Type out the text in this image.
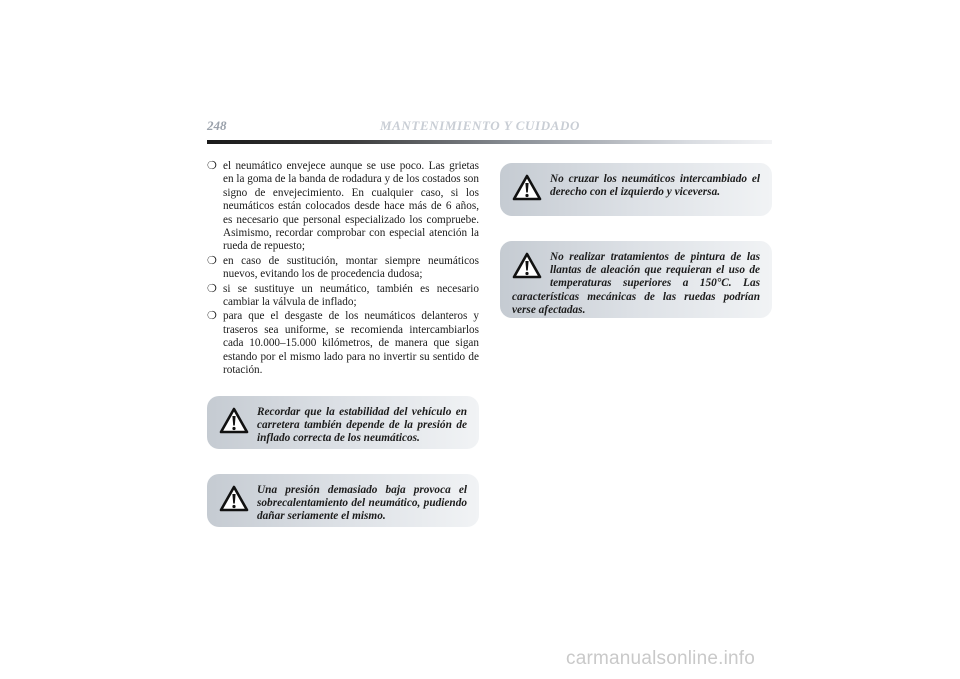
248	MANTENIMIENTO Y CUIDADO
❍ el neumático envejece aunque se use poco. Las grietas en la goma de la banda de rodadura y de los costados son signo de envejecimiento. En cualquier caso, si los neumáticos están colocados desde hace más de 6 años, es necesario que personal especializado los compruebe. Asimismo, recordar comprobar con especial atención la rueda de repuesto;
❍ en caso de sustitución, montar siempre neumáticos nuevos, evitando los de procedencia dudosa;
❍ si se sustituye un neumático, también es necesario cambiar la válvula de inflado;
❍ para que el desgaste de los neumáticos delanteros y traseros sea uniforme, se recomienda intercambiarlos cada 10.000–15.000 kilómetros, de manera que sigan estando por el mismo lado para no invertir su sentido de rotación.
Recordar que la estabilidad del vehículo en carretera también depende de la presión de inflado correcta de los neumáticos.
Una presión demasiado baja provoca el sobrecalentamiento del neumático, pudiendo dañar seriamente el mismo.
No cruzar los neumáticos intercambiado el derecho con el izquierdo y viceversa.
No realizar tratamientos de pintura de las llantas de aleación que requieran el uso de temperaturas superiores a 150°C. Las características mecánicas de las ruedas podrían verse afectadas.
carmanualsonline.info
